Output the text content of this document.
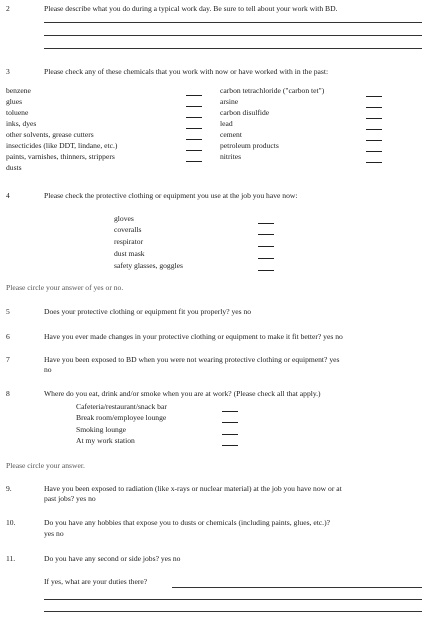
2	Please describe what you do during a typical work day. Be sure to tell about your work with BD.
3	Please check any of these chemicals that you work with now or have worked with in the past:
benzene
glues
toluene
inks, dyes
other solvents, grease cutters
insecticides (like DDT, lindane, etc.)
paints, varnishes, thinners, strippers
dusts
carbon tetrachloride ("carbon tet")
arsine
carbon disulfide
lead
cement
petroleum products
nitrites
4	Please check the protective clothing or equipment you use at the job you have now:
gloves
coveralls
respirator
dust mask
safety glasses, goggles
Please circle your answer of yes or no.
5	Does your protective clothing or equipment fit you properly? yes no
6	Have you ever made changes in your protective clothing or equipment to make it fit better? yes no
7	Have you been exposed to BD when you were not wearing protective clothing or equipment? yes
no
8	Where do you eat, drink and/or smoke when you are at work? (Please check all that apply.)
Cafeteria/restaurant/snack bar
Break room/employee lounge
Smoking lounge
At my work station
Please circle your answer.
9.	Have you been exposed to radiation (like x-rays or nuclear material) at the job you have now or at
past jobs? yes no
10.	Do you have any hobbies that expose you to dusts or chemicals (including paints, glues, etc.)?
yes no
11.	Do you have any second or side jobs? yes no
If yes, what are your duties there?
